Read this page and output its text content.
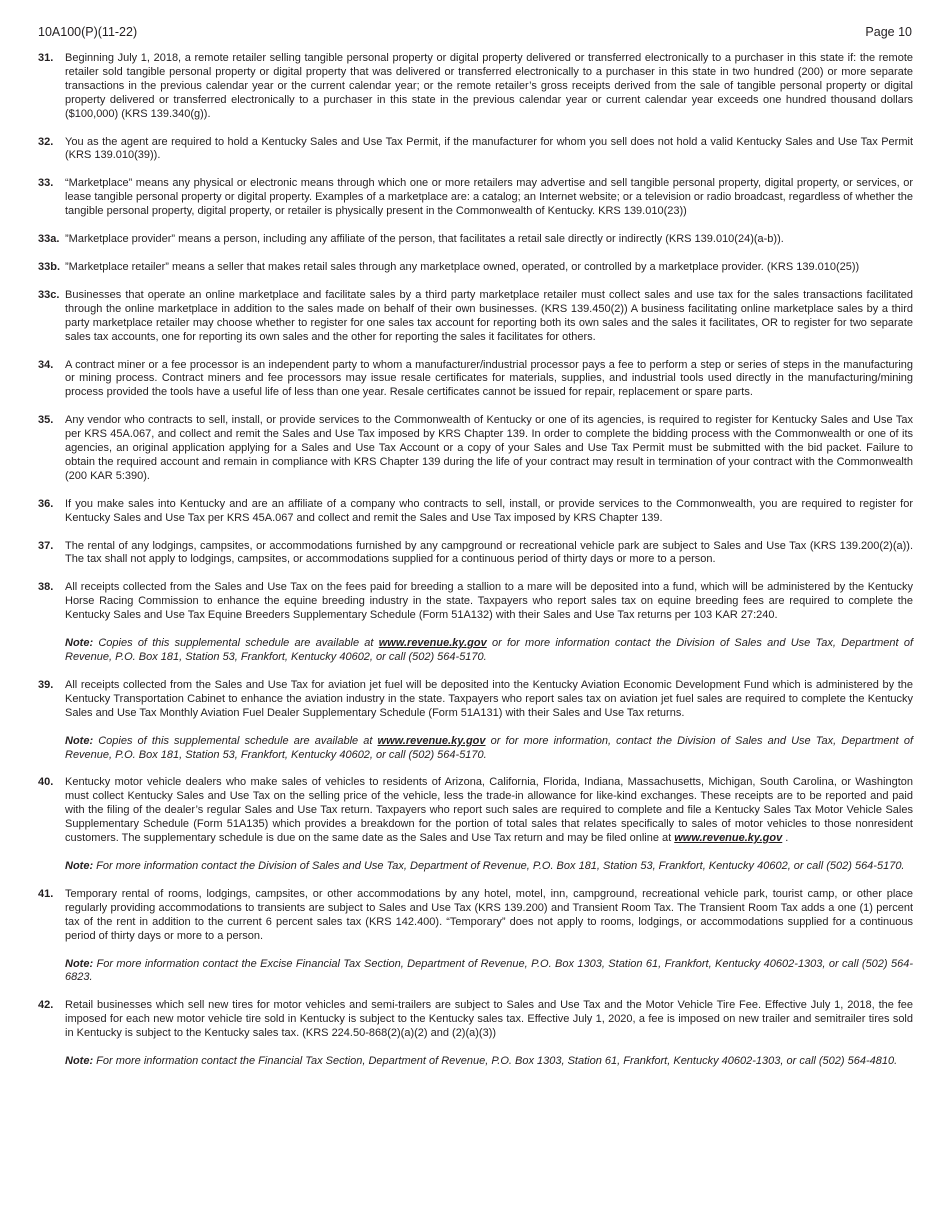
10A100(P)(11-22)	Page 10
31.	Beginning July 1, 2018, a remote retailer selling tangible personal property or digital property delivered or transferred electronically to a purchaser in this state if: the remote retailer sold tangible personal property or digital property that was delivered or transferred electronically to a purchaser in this state in two hundred (200) or more separate transactions in the previous calendar year or the current calendar year; or the remote retailer’s gross receipts derived from the sale of tangible personal property or digital property delivered or transferred electronically to a purchaser in this state in the previous calendar year or current calendar year exceeds one hundred thousand dollars ($100,000) (KRS 139.340(g)).

32.	You as the agent are required to hold a Kentucky Sales and Use Tax Permit, if the manufacturer for whom you sell does not hold a valid Kentucky Sales and Use Tax Permit (KRS 139.010(39)).

33.	“Marketplace” means any physical or electronic means through which one or more retailers may advertise and sell tangible personal property, digital property, or services, or lease tangible personal property or digital property. Examples of a marketplace are: a catalog; an Internet website; or a television or radio broadcast, regardless of whether the tangible personal property, digital property, or retailer is physically present in the Commonwealth of Kentucky. KRS 139.010(23))

33a. ”Marketplace provider” means a person, including any affiliate of the person, that facilitates a retail sale directly or indirectly (KRS 139.010(24)(a-b)).

33b. ”Marketplace retailer” means a seller that makes retail sales through any marketplace owned, operated, or controlled by a marketplace provider. (KRS 139.010(25))

33c. Businesses that operate an online marketplace and facilitate sales by a third party marketplace retailer must collect sales and use tax for the sales transactions facilitated through the online marketplace in addition to the sales made on behalf of their own businesses. (KRS 139.450(2)) A business facilitating online marketplace sales by a third party marketplace retailer may choose whether to register for one sales tax account for reporting both its own sales and the sales it facilitates, OR to register for two separate sales tax accounts, one for reporting its own sales and the other for reporting the sales it facilitates for others.

34.	A contract miner or a fee processor is an independent party to whom a manufacturer/industrial processor pays a fee to perform a step or series of steps in the manufacturing or mining process. Contract miners and fee processors may issue resale certificates for materials, supplies, and industrial tools used directly in the manufacturing/mining process provided the tools have a useful life of less than one year. Resale certificates cannot be issued for repair, replacement or spare parts.

35.	Any vendor who contracts to sell, install, or provide services to the Commonwealth of Kentucky or one of its agencies, is required to register for Kentucky Sales and Use Tax per KRS 45A.067, and collect and remit the Sales and Use Tax imposed by KRS Chapter 139. In order to complete the bidding process with the Commonwealth or one of its agencies, an original application applying for a Sales and Use Tax Account or a copy of your Sales and Use Tax Permit must be submitted with the bid packet. Failure to obtain the required account and remain in compliance with KRS Chapter 139 during the life of your contract may result in termination of your contract with the Commonwealth (200 KAR 5:390).

36.	If you make sales into Kentucky and are an affiliate of a company who contracts to sell, install, or provide services to the Commonwealth, you are required to register for Kentucky Sales and Use Tax per KRS 45A.067 and collect and remit the Sales and Use Tax imposed by KRS Chapter 139.

37.	The rental of any lodgings, campsites, or accommodations furnished by any campground or recreational vehicle park are subject to Sales and Use Tax (KRS 139.200(2)(a)). The tax shall not apply to lodgings, campsites, or accommodations supplied for a continuous period of thirty days or more to a person.

38.	All receipts collected from the Sales and Use Tax on the fees paid for breeding a stallion to a mare will be deposited into a fund, which will be administered by the Kentucky Horse Racing Commission to enhance the equine breeding industry in the state. Taxpayers who report sales tax on equine breeding fees are required to complete the Kentucky Sales and Use Tax Equine Breeders Supplementary Schedule (Form 51A132) with their Sales and Use Tax returns per 103 KAR 27:240.

Note: Copies of this supplemental schedule are available at www.revenue.ky.gov or for more information contact the Division of Sales and Use Tax, Department of Revenue, P.O. Box 181, Station 53, Frankfort, Kentucky 40602, or call (502) 564-5170.

39.	All receipts collected from the Sales and Use Tax for aviation jet fuel will be deposited into the Kentucky Aviation Economic Development Fund which is administered by the Kentucky Transportation Cabinet to enhance the aviation industry in the state. Taxpayers who report sales tax on aviation jet fuel sales are required to complete the Kentucky Sales and Use Tax Monthly Aviation Fuel Dealer Supplementary Schedule (Form 51A131) with their Sales and Use Tax returns.

Note: Copies of this supplemental schedule are available at www.revenue.ky.gov or for more information, contact the Division of Sales and Use Tax, Department of Revenue, P.O. Box 181, Station 53, Frankfort, Kentucky 40602, or call (502) 564-5170.

40.	Kentucky motor vehicle dealers who make sales of vehicles to residents of Arizona, California, Florida, Indiana, Massachusetts, Michigan, South Carolina, or Washington must collect Kentucky Sales and Use Tax on the selling price of the vehicle, less the trade-in allowance for like-kind exchanges. These receipts are to be reported and paid with the filing of the dealer’s regular Sales and Use Tax return. Taxpayers who report such sales are required to complete and file a Kentucky Sales Tax Motor Vehicle Sales Supplementary Schedule (Form 51A135) which provides a breakdown for the portion of total sales that relates specifically to sales of motor vehicles to those nonresident customers. The supplementary schedule is due on the same date as the Sales and Use Tax return and may be filed online at www.revenue.ky.gov .

Note: For more information contact the Division of Sales and Use Tax, Department of Revenue, P.O. Box 181, Station 53, Frankfort, Kentucky 40602, or call (502) 564-5170.

41.	Temporary rental of rooms, lodgings, campsites, or other accommodations by any hotel, motel, inn, campground, recreational vehicle park, tourist camp, or other place regularly providing accommodations to transients are subject to Sales and Use Tax (KRS 139.200) and Transient Room Tax. The Transient Room Tax adds a one (1) percent tax of the rent in addition to the current 6 percent sales tax (KRS 142.400). “Temporary” does not apply to rooms, lodgings, or accommodations supplied for a continuous period of thirty days or more to a person.

Note: For more information contact the Excise Financial Tax Section, Department of Revenue, P.O. Box 1303, Station 61, Frankfort, Kentucky 40602-1303, or call (502) 564-6823.

42.	Retail businesses which sell new tires for motor vehicles and semi-trailers are subject to Sales and Use Tax and the Motor Vehicle Tire Fee. Effective July 1, 2018, the fee imposed for each new motor vehicle tire sold in Kentucky is subject to the Kentucky sales tax. Effective July 1, 2020, a fee is imposed on new trailer and semitrailer tires sold in Kentucky is subject to the Kentucky sales tax. (KRS 224.50-868(2)(a)(2) and (2)(a)(3))

Note: For more information contact the Financial Tax Section, Department of Revenue, P.O. Box 1303, Station 61, Frankfort, Kentucky 40602-1303, or call (502) 564-4810.
